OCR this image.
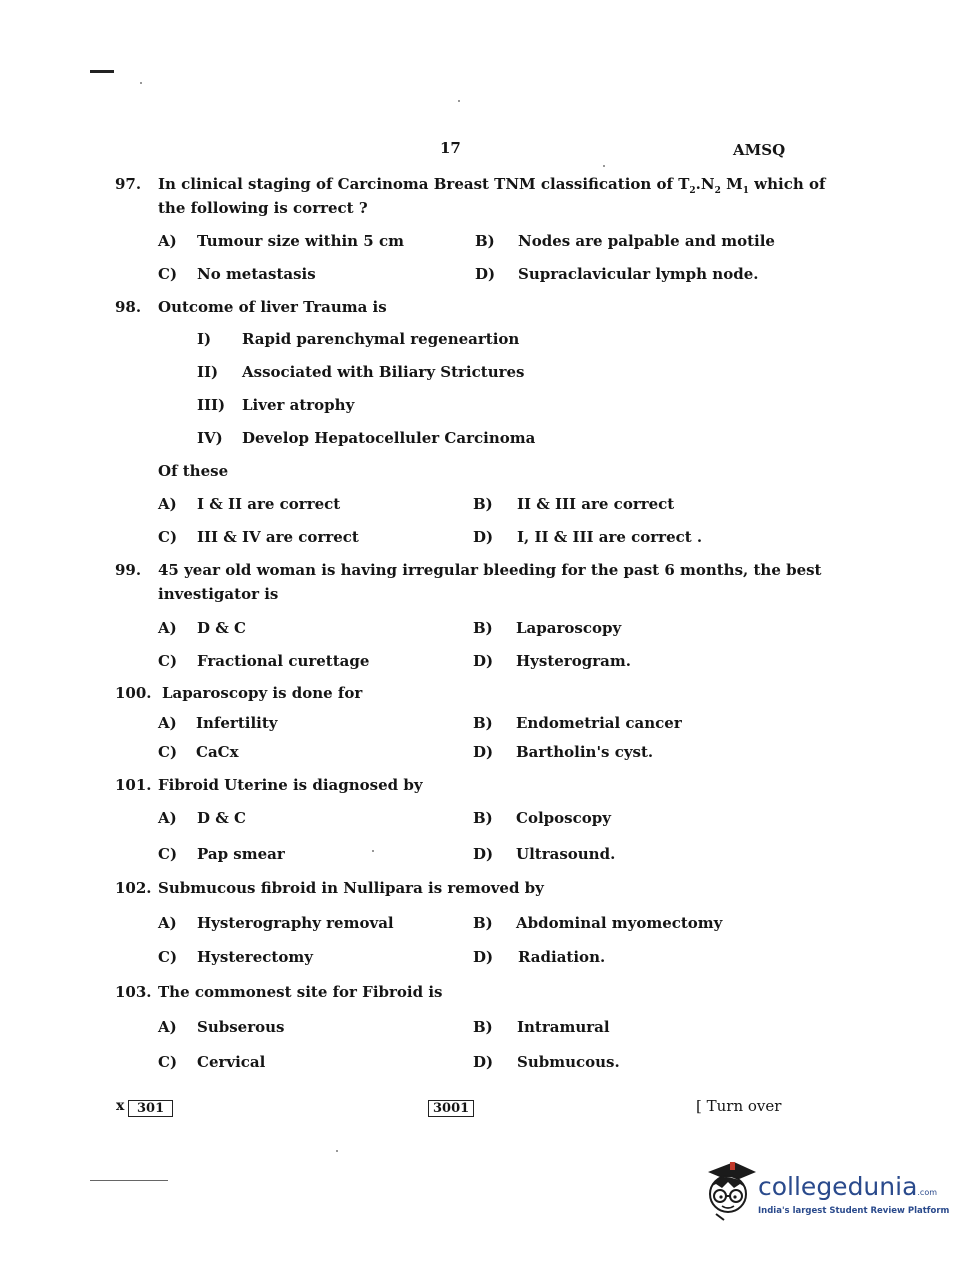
17	AMSQ
97. In clinical staging of Carcinoma Breast TNM classification of $T_2.N_2$ $M_1$ which of
the following is correct ?
A) Tumour size within 5 cm	B) Nodes are palpable and motile
C) No metastasis	D) Supraclavicular lymph node.
98. Outcome of liver Trauma is
I) Rapid parenchymal regeneartion
II) Associated with Biliary Strictures
III) Liver atrophy
IV) Develop Hepatocelluler Carcinoma
Of these
A) I & II are correct	B) II & III are correct
C) III & IV are correct	D) I, II & III are correct .
99. 45 year old woman is having irregular bleeding for the past 6 months, the best
investigator is
A) D & C	B) Laparoscopy
C) Fractional curettage	D) Hysterogram.
100. Laparoscopy is done for
A) Infertility	B) Endometrial cancer
C) CaCx	D) Bartholin's cyst.
101. Fibroid Uterine is diagnosed by
A) D & C	B) Colposcopy
C) Pap smear	D) Ultrasound.
102. Submucous fibroid in Nullipara is removed by
A) Hysterography removal	B) Abdominal myomectomy
C) Hysterectomy	D) Radiation.
103. The commonest site for Fibroid is
A) Subserous	B) Intramural
C) Cervical	D) Submucous.
x 301	3001	[ Turn over
collegedunia.com
India's largest Student Review Platform
